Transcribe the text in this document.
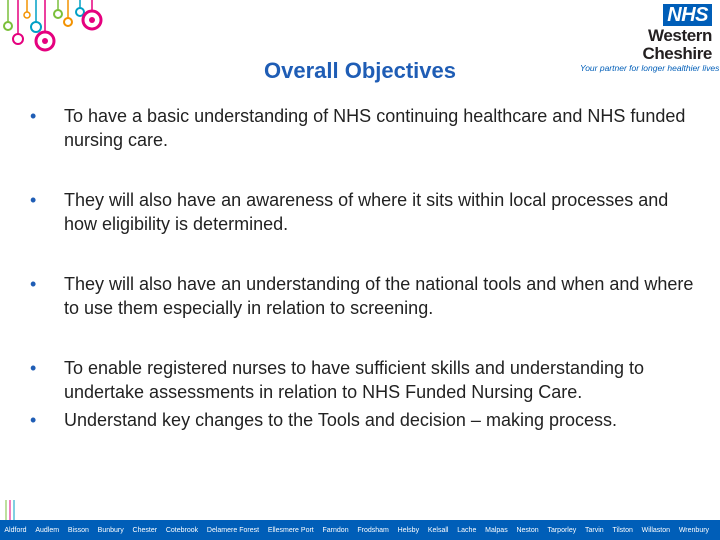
NHS
Western Cheshire
Your partner for longer healthier lives
Overall Objectives
• To have a basic understanding of NHS continuing healthcare and NHS funded nursing care.
• They will also have an awareness of where it sits within local processes and how eligibility is determined.
• They will also have an understanding of the national tools and when and where to use them especially in relation to screening.
• To enable registered nurses to have sufficient skills and understanding to undertake assessments in relation to NHS Funded Nursing Care.
• Understand key changes to the Tools and decision – making process.
Aldford	Audlem	Bisson	Bunbury	Chester	Cotebrook	Delamere Forest	Ellesmere Port	Farndon	Frodsham	Helsby	Kelsall	Lache	Malpas	Neston	Tarporley	Tarvin	Tilston	Willaston	Wrenbury
